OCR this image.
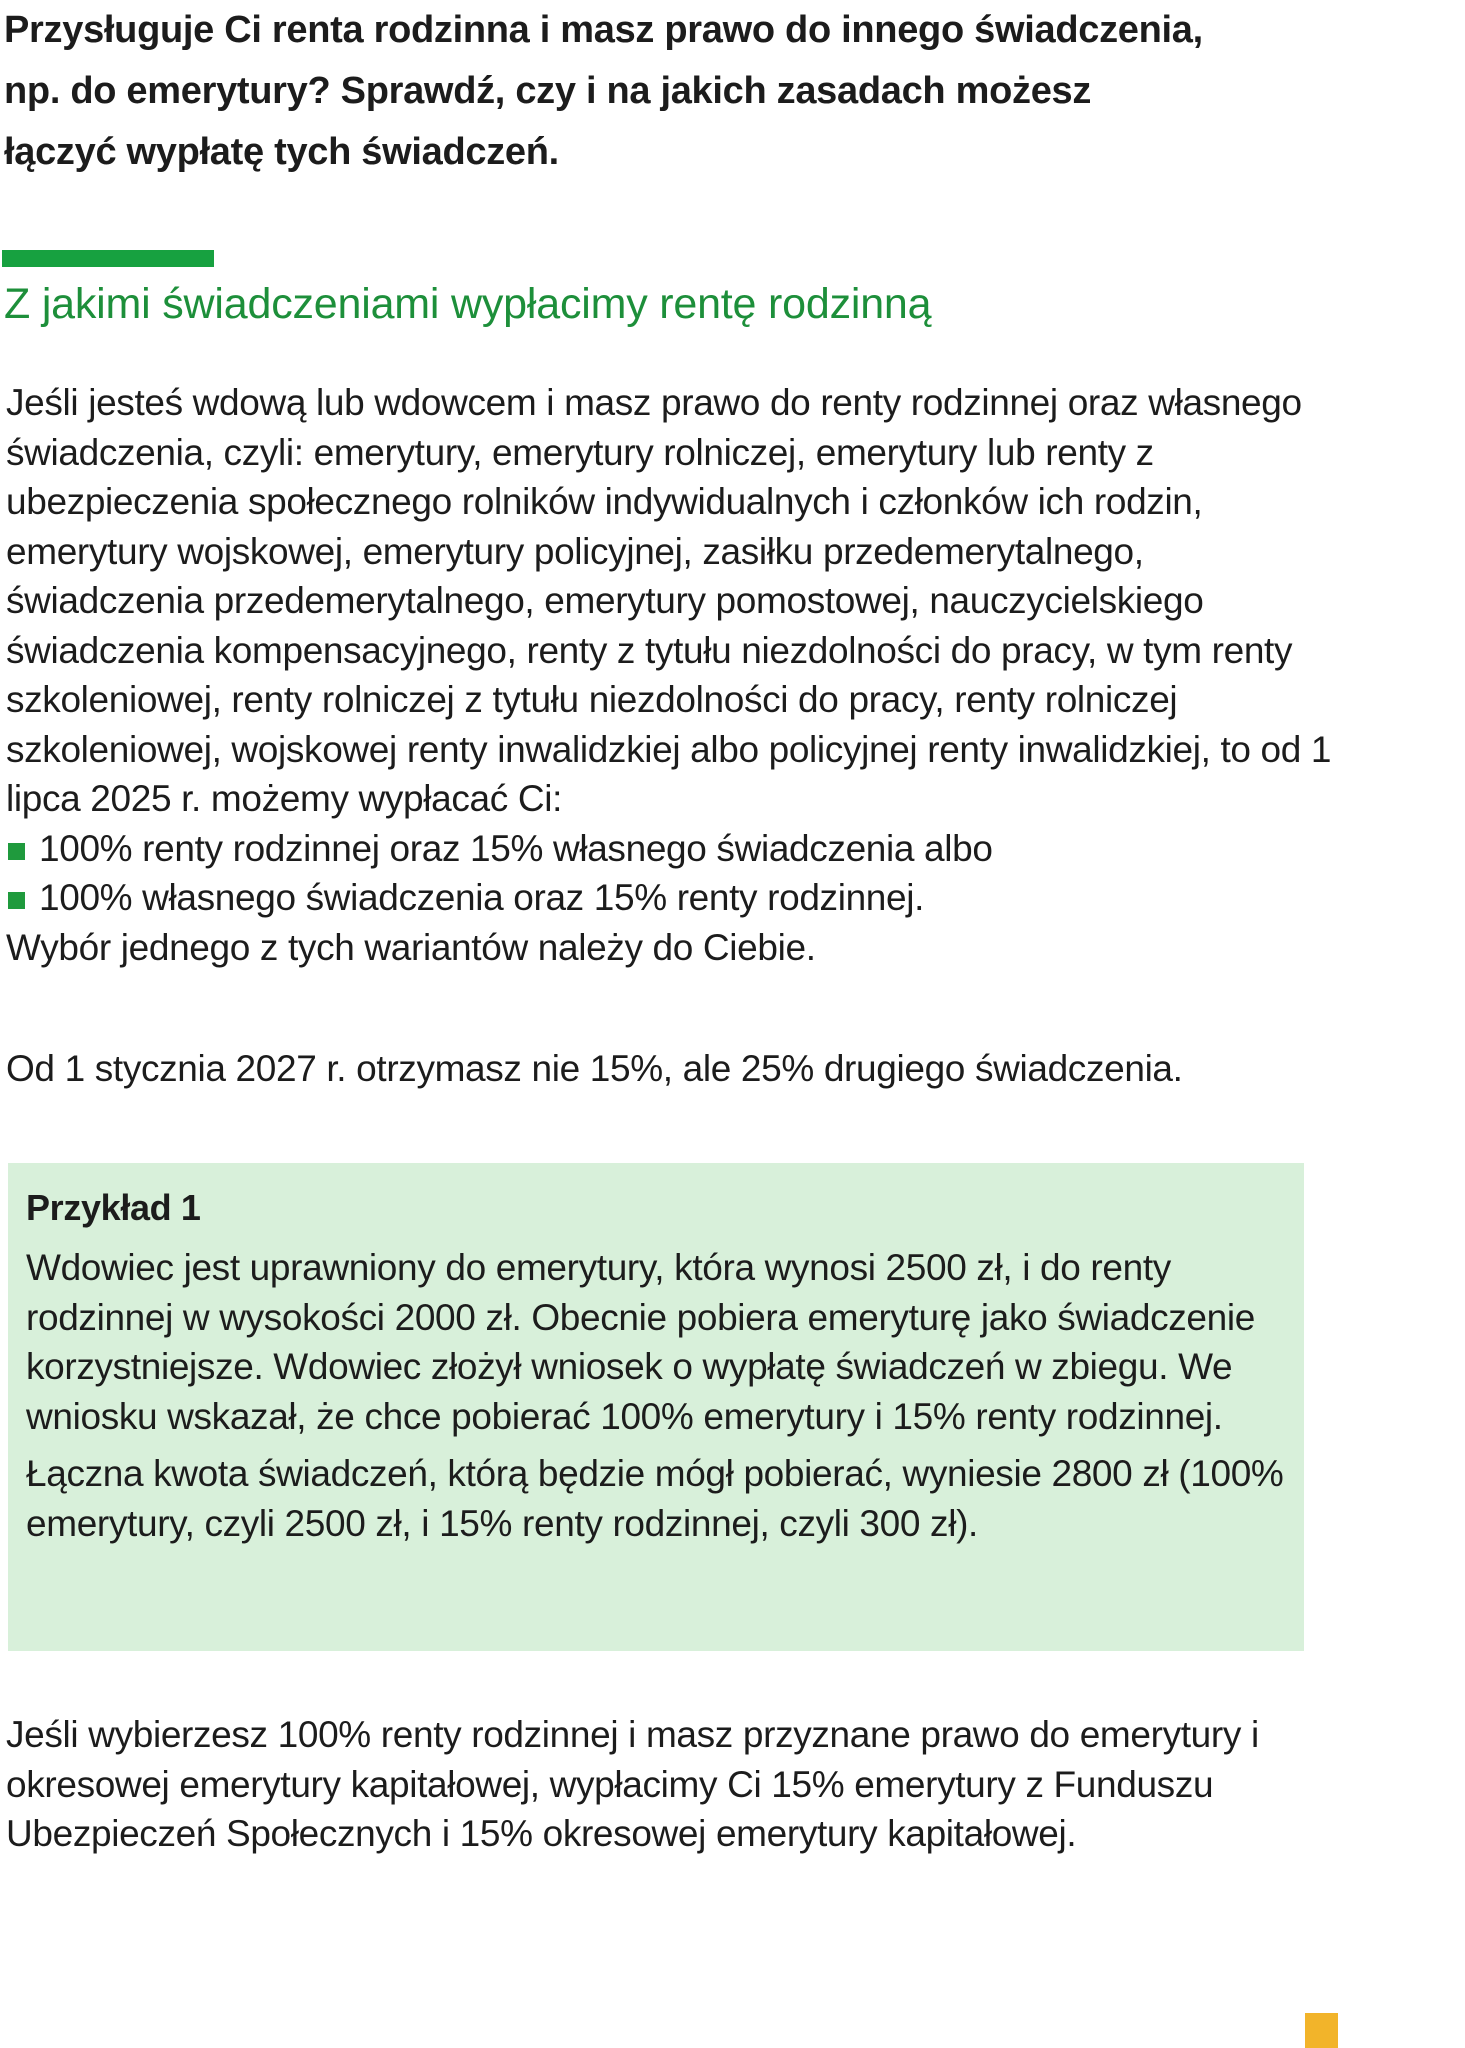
Przysługuje Ci renta rodzinna i masz prawo do innego świadczenia, np. do emerytury? Sprawdź, czy i na jakich zasadach możesz łączyć wypłatę tych świadczeń.

Z jakimi świadczeniami wypłacimy rentę rodzinną

Jeśli jesteś wdową lub wdowcem i masz prawo do renty rodzinnej oraz własnego świadczenia, czyli: emerytury, emerytury rolniczej, emerytury lub renty z ubezpieczenia społecznego rolników indywidualnych i członków ich rodzin, emerytury wojskowej, emerytury policyjnej, zasiłku przedemerytalnego, świadczenia przedemerytalnego, emerytury pomostowej, nauczycielskiego świadczenia kompensacyjnego, renty z tytułu niezdolności do pracy, w tym renty szkoleniowej, renty rolniczej z tytułu niezdolności do pracy, renty rolniczej szkoleniowej, wojskowej renty inwalidzkiej albo policyjnej renty inwalidzkiej, to od 1 lipca 2025 r. możemy wypłacać Ci:

100% renty rodzinnej oraz 15% własnego świadczenia albo
100% własnego świadczenia oraz 15% renty rodzinnej.

Wybór jednego z tych wariantów należy do Ciebie.

Od 1 stycznia 2027 r. otrzymasz nie 15%, ale 25% drugiego świadczenia.

Przykład 1

Wdowiec jest uprawniony do emerytury, która wynosi 2500 zł, i do renty rodzinnej w wysokości 2000 zł. Obecnie pobiera emeryturę jako świadczenie korzystniejsze. Wdowiec złożył wniosek o wypłatę świadczeń w zbiegu. We wniosku wskazał, że chce pobierać 100% emerytury i 15% renty rodzinnej.

Łączna kwota świadczeń, którą będzie mógł pobierać, wyniesie 2800 zł (100% emerytury, czyli 2500 zł, i 15% renty rodzinnej, czyli 300 zł).

Jeśli wybierzesz 100% renty rodzinnej i masz przyznane prawo do emerytury i okresowej emerytury kapitałowej, wypłacimy Ci 15% emerytury z Funduszu Ubezpieczeń Społecznych i 15% okresowej emerytury kapitałowej.
